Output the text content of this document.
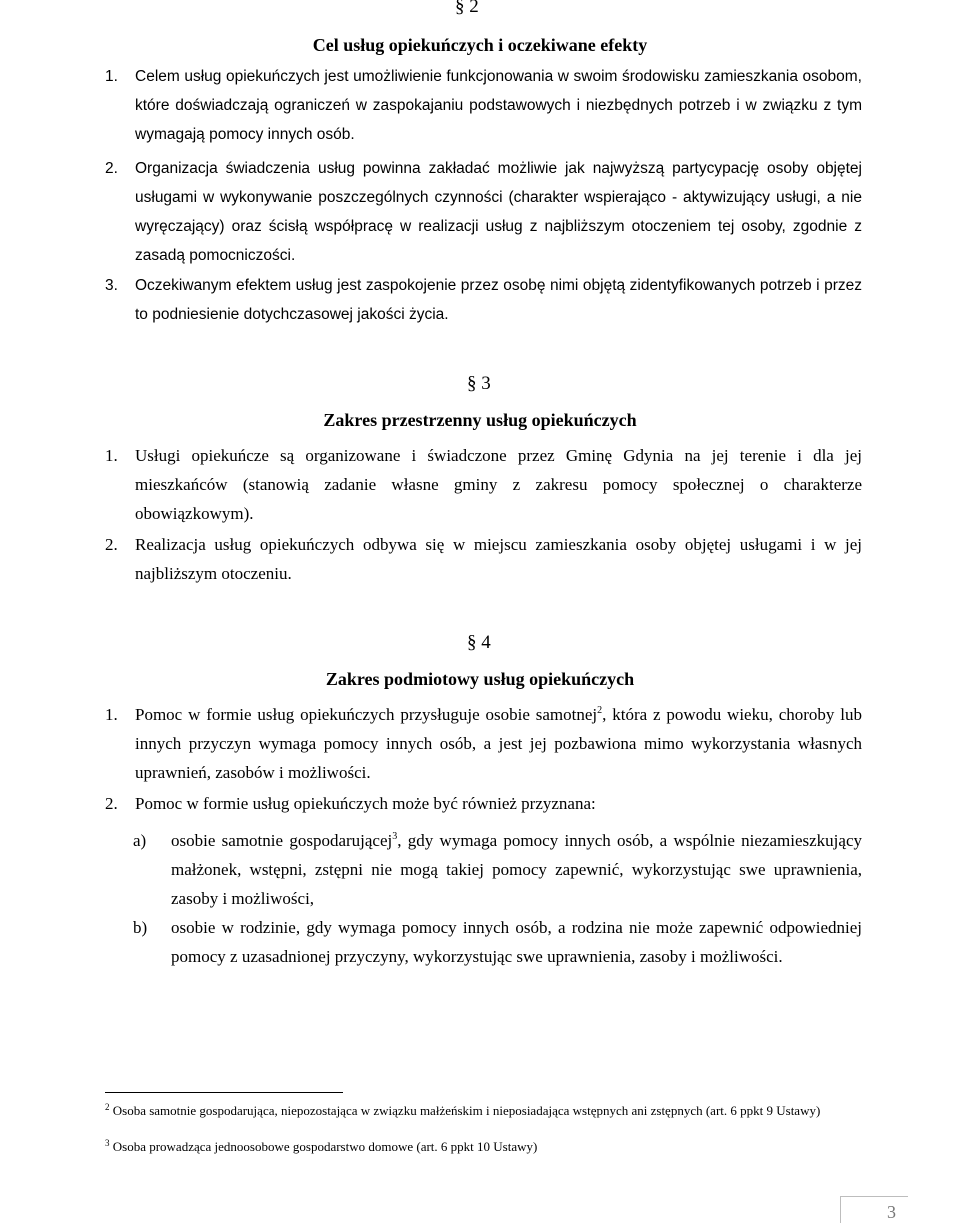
§ 2
Cel usług opiekuńczych i oczekiwane efekty
1. Celem usług opiekuńczych jest umożliwienie funkcjonowania w swoim środowisku zamieszkania osobom, które doświadczają ograniczeń w zaspokajaniu podstawowych i niezbędnych potrzeb i w związku z tym wymagają pomocy innych osób.
2. Organizacja świadczenia usług powinna zakładać możliwie jak najwyższą partycypację osoby objętej usługami w wykonywanie poszczególnych czynności (charakter wspierająco - aktywizujący usługi, a nie wyręczający) oraz ścisłą współpracę w realizacji usług z najbliższym otoczeniem tej osoby, zgodnie z zasadą pomocniczości.
3. Oczekiwanym efektem usług jest zaspokojenie przez osobę nimi objętą zidentyfikowanych potrzeb i przez to podniesienie dotychczasowej jakości życia.
§ 3
Zakres przestrzenny usług opiekuńczych
1. Usługi opiekuńcze są organizowane i świadczone przez Gminę Gdynia na jej terenie i dla jej mieszkańców (stanowią zadanie własne gminy z zakresu pomocy społecznej o charakterze obowiązkowym).
2. Realizacja usług opiekuńczych odbywa się w miejscu zamieszkania osoby objętej usługami i w jej najbliższym otoczeniu.
§ 4
Zakres podmiotowy usług opiekuńczych
1. Pomoc w formie usług opiekuńczych przysługuje osobie samotnej$^2$, która z powodu wieku, choroby lub innych przyczyn wymaga pomocy innych osób, a jest jej pozbawiona mimo wykorzystania własnych uprawnień, zasobów i możliwości.
2. Pomoc w formie usług opiekuńczych może być również przyznana:
a) osobie samotnie gospodarującej$^3$, gdy wymaga pomocy innych osób, a wspólnie niezamieszkujący małżonek, wstępni, zstępni nie mogą takiej pomocy zapewnić, wykorzystując swe uprawnienia, zasoby i możliwości,
b) osobie w rodzinie, gdy wymaga pomocy innych osób, a rodzina nie może zapewnić odpowiedniej pomocy z uzasadnionej przyczyny, wykorzystując swe uprawnienia, zasoby i możliwości.
$^2$ Osoba samotnie gospodarująca, niepozostająca w związku małżeńskim i nieposiadająca wstępnych ani zstępnych (art. 6 ppkt 9 Ustawy)
$^3$ Osoba prowadząca jednoosobowe gospodarstwo domowe (art. 6 ppkt 10 Ustawy)
3
